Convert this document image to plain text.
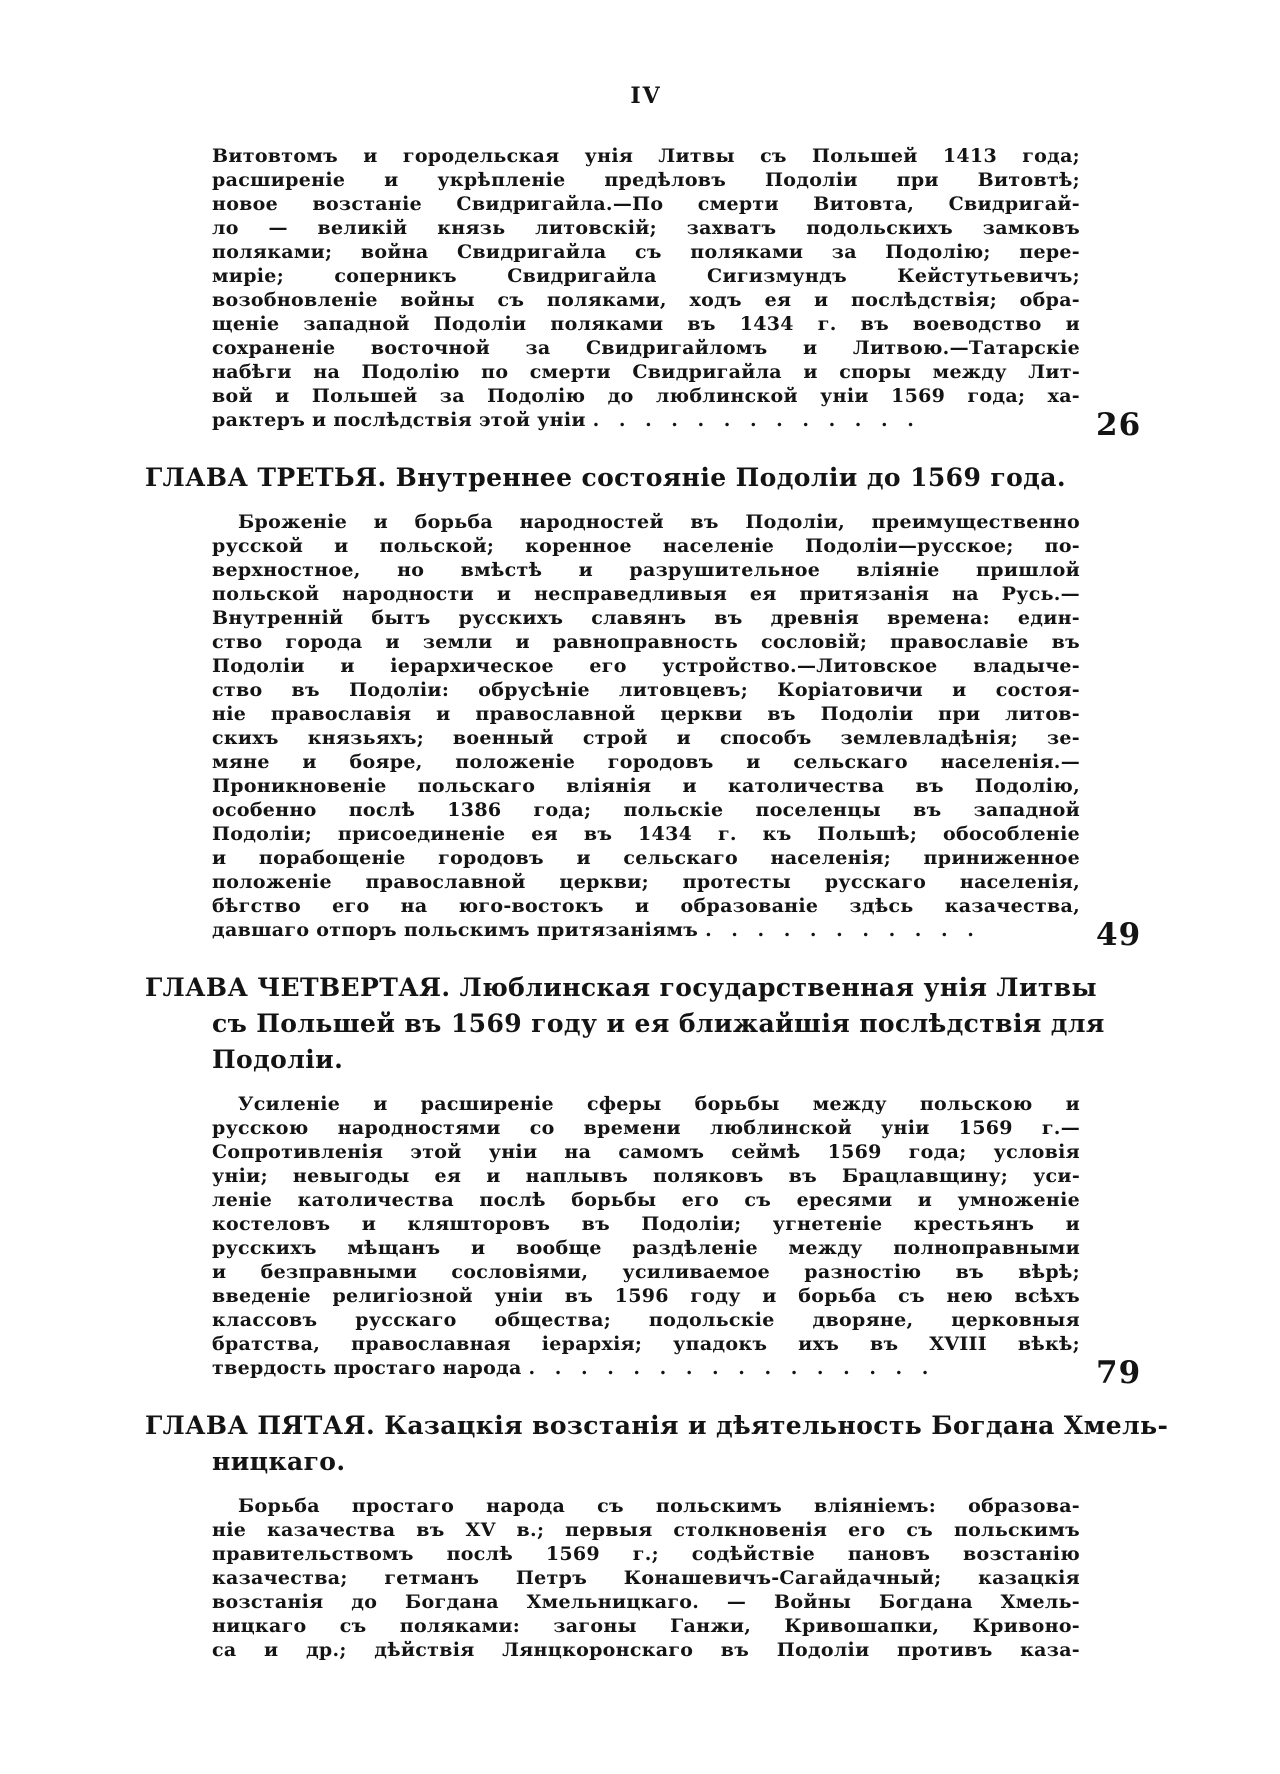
IV
Витовтомъ и городельская унія Литвы съ Польшей 1413 года;
расширеніе и укрѣпленіе предѣловъ Подоліи при Витовтѣ;
новое возстаніе Свидригайла.—По смерти Витовта, Свидригай-
ло — великій князь литовскій; захватъ подольскихъ замковъ
поляками; война Свидригайла съ поляками за Подолію; пере-
миріе; соперникъ Свидригайла Сигизмундъ Кейстутьевичъ;
возобновленіе войны съ поляками, ходъ ея и послѣдствія; обра-
щеніе западной Подоліи поляками въ 1434 г. въ воеводство и
сохраненіе восточной за Свидригайломъ и Литвою.—Татарскіе
набѣги на Подолію по смерти Свидригайла и споры между Лит-
вой и Польшей за Подолію до люблинской уніи 1569 года; ха-
рактеръ и послѣдствія этой уніи . . . . . . . . . . . . .	26
ГЛАВА ТРЕТЬЯ. Внутреннее состояніе Подоліи до 1569 года.
Броженіе и борьба народностей въ Подоліи, преимущественно
русской и польской; коренное населеніе Подоліи—русское; по-
верхностное, но вмѣстѣ и разрушительное вліяніе пришлой
польской народности и несправедливыя ея притязанія на Русь.—
Внутренній бытъ русскихъ славянъ въ древнія времена: един-
ство города и земли и равноправность сословій; православіе въ
Подоліи и іерархическое его устройство.—Литовское владыче-
ство въ Подоліи: обрусѣніе литовцевъ; Коріатовичи и состоя-
ніе православія и православной церкви въ Подоліи при литов-
скихъ князьяхъ; военный строй и способъ землевладѣнія; зе-
мяне и бояре, положеніе городовъ и сельскаго населенія.—
Проникновеніе польскаго вліянія и католичества въ Подолію,
особенно послѣ 1386 года; польскіе поселенцы въ западной
Подоліи; присоединеніе ея въ 1434 г. къ Польшѣ; обособленіе
и порабощеніе городовъ и сельскаго населенія; приниженное
положеніе православной церкви; протесты русскаго населенія,
бѣгство его на юго-востокъ и образованіе здѣсь казачества,
давшаго отпоръ польскимъ притязаніямъ . . . . . . . . . . .	49
ГЛАВА ЧЕТВЕРТАЯ. Люблинская государственная унія Литвы
съ Польшей въ 1569 году и ея ближайшія послѣдствія для
Подоліи.
Усиленіе и расширеніе сферы борьбы между польскою и
русскою народностями со времени люблинской уніи 1569 г.—
Сопротивленія этой уніи на самомъ сеймѣ 1569 года; условія
уніи; невыгоды ея и наплывъ поляковъ въ Брацлавщину; уси-
леніе католичества послѣ борьбы его съ ересями и умноженіе
костеловъ и кляшторовъ въ Подоліи; угнетеніе крестьянъ и
русскихъ мѣщанъ и вообще раздѣленіе между полноправными
и безправными сословіями, усиливаемое разностію въ вѣрѣ;
введеніе религіозной уніи въ 1596 году и борьба съ нею всѣхъ
классовъ русскаго общества; подольскіе дворяне, церковныя
братства, православная іерархія; упадокъ ихъ въ XVIII вѣкѣ;
твердость простаго народа . . . . . . . . . . . . . . . .	79
ГЛАВА ПЯТАЯ. Казацкія возстанія и дѣятельность Богдана Хмель-
ницкаго.
Борьба простаго народа съ польскимъ вліяніемъ: образова-
ніе казачества въ XV в.; первыя столкновенія его съ польскимъ
правительствомъ послѣ 1569 г.; содѣйствіе пановъ возстанію
казачества; гетманъ Петръ Конашевичъ-Сагайдачный; казацкія
возстанія до Богдана Хмельницкаго. — Войны Богдана Хмель-
ницкаго съ поляками: загоны Ганжи, Кривошапки, Кривоно-
са и др.; дѣйствія Лянцкоронскаго въ Подоліи противъ каза-
